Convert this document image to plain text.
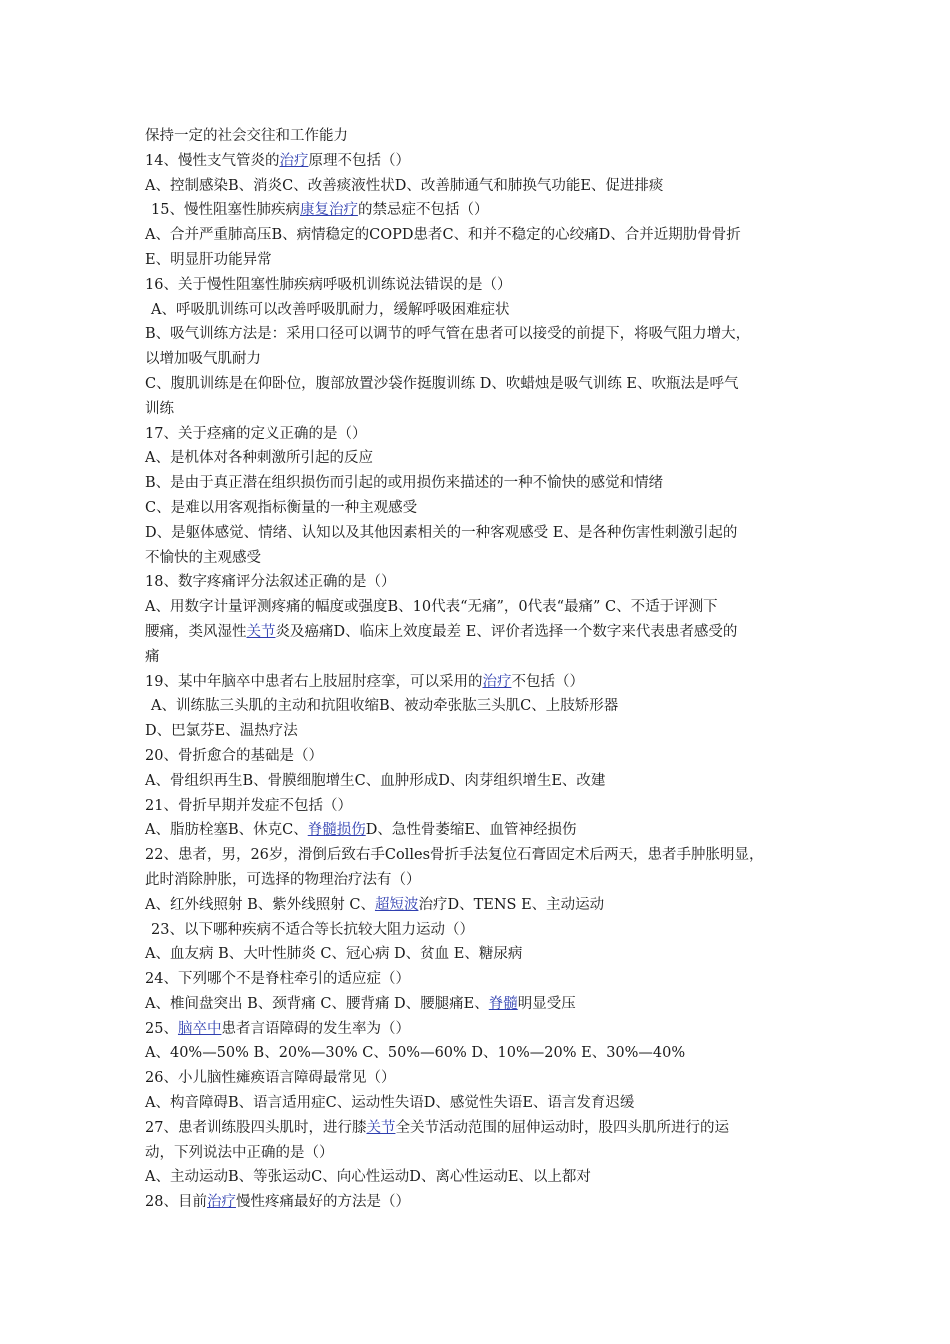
保持一定的社会交往和工作能力
14、慢性支气管炎的治疗原理不包括（）
A、控制感染B、消炎C、改善痰液性状D、改善肺通气和肺换气功能E、促进排痰
15、慢性阻塞性肺疾病康复治疗的禁忌症不包括（）
A、合并严重肺高压B、病情稳定的COPD患者C、和并不稳定的心绞痛D、合并近期肋骨骨折
E、明显肝功能异常
16、关于慢性阻塞性肺疾病呼吸机训练说法错误的是（）
A、呼吸肌训练可以改善呼吸肌耐力，缓解呼吸困难症状
B、吸气训练方法是：采用口径可以调节的呼气管在患者可以接受的前提下，将吸气阻力增大，
以增加吸气肌耐力
C、腹肌训练是在仰卧位，腹部放置沙袋作挺腹训练 D、吹蜡烛是吸气训练 E、吹瓶法是呼气
训练
17、关于痉痛的定义正确的是（）
A、是机体对各种刺激所引起的反应
B、是由于真正潜在组织损伤而引起的或用损伤来描述的一种不愉快的感觉和情绪
C、是难以用客观指标衡量的一种主观感受
D、是躯体感觉、情绪、认知以及其他因素相关的一种客观感受 E、是各种伤害性刺激引起的
不愉快的主观感受
18、数字疼痛评分法叙述正确的是（）
A、用数字计量评测疼痛的幅度或强度B、10代表“无痛”，0代表“最痛” C、不适于评测下
腰痛，类风湿性关节炎及癌痛D、临床上效度最差 E、评价者选择一个数字来代表患者感受的
痛
19、某中年脑卒中患者右上肢屈肘痉挛，可以采用的治疗不包括（）
A、训练肱三头肌的主动和抗阻收缩B、被动牵张肱三头肌C、上肢矫形器
D、巴氯芬E、温热疗法
20、骨折愈合的基础是（）
A、骨组织再生B、骨膜细胞增生C、血肿形成D、肉芽组织增生E、改建
21、骨折早期并发症不包括（）
A、脂肪栓塞B、休克C、脊髓损伤D、急性骨萎缩E、血管神经损伤
22、患者，男，26岁，滑倒后致右手Colles骨折手法复位石膏固定术后两天，患者手肿胀明显，
此时消除肿胀，可选择的物理治疗法有（）
A、红外线照射 B、紫外线照射 C、超短波治疗D、TENS E、主动运动
23、以下哪种疾病不适合等长抗较大阻力运动（）
A、血友病 B、大叶性肺炎 C、冠心病 D、贫血 E、糖尿病
24、下列哪个不是脊柱牵引的适应症（）
A、椎间盘突出 B、颈背痛 C、腰背痛 D、腰腿痛E、脊髓明显受压
25、脑卒中患者言语障碍的发生率为（）
A、40%—50% B、20%—30% C、50%—60% D、10%—20% E、30%—40%
26、小儿脑性瘫痪语言障碍最常见（）
A、构音障碍B、语言适用症C、运动性失语D、感觉性失语E、语言发育迟缓
27、患者训练股四头肌时，进行膝关节全关节活动范围的屈伸运动时，股四头肌所进行的运
动，下列说法中正确的是（）
A、主动运动B、等张运动C、向心性运动D、离心性运动E、以上都对
28、目前治疗慢性疼痛最好的方法是（）
